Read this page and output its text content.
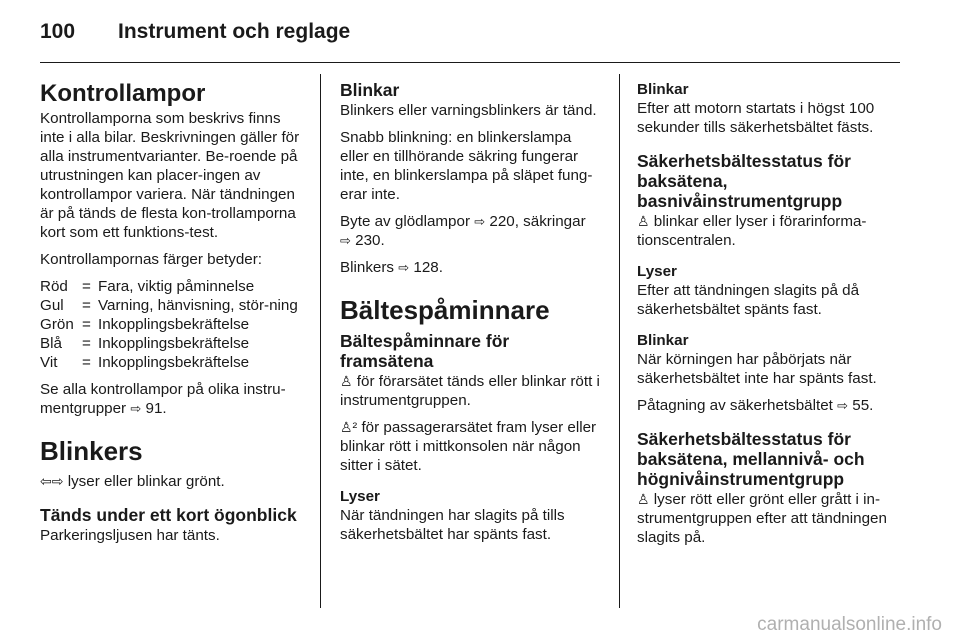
100 Instrument och reglage
Kontrollampor

Kontrollamporna som beskrivs finns inte i alla bilar. Beskrivningen gäller för alla instrumentvarianter. Be-roende på utrustningen kan placer-ingen av kontrollampor variera. När tändningen är på tänds de flesta kon-trollamporna kort som ett funktions-test.

Kontrollampornas färger betyder:

Röd = Fara, viktig påminnelse
Gul	= Varning, hänvisning, stör-ning
Grön = Inkopplingsbekräftelse
Blå	= Inkopplingsbekräftelse
Vit	= Inkopplingsbekräftelse

Se alla kontrollampor på olika instru-mentgrupper ⇨ 91.

Blinkers

⇦⇨ lyser eller blinkar grönt.

Tänds under ett kort ögonblick

Parkeringsljusen har tänts.

Blinkar

Blinkers eller varningsblinkers är tänd.

Snabb blinkning: en blinkerslampa eller en tillhörande säkring fungerar inte, en blinkerslampa på släpet fung-erar inte.

Byte av glödlampor ⇨ 220, säkringar
⇨ 230.

Blinkers ⇨ 128.

Bältespåminnare
Bältespåminnare för framsätena

♙ för förarsätet tänds eller blinkar rött i instrumentgruppen.

♙² för passagerarsätet fram lyser eller blinkar rött i mittkonsolen när någon sitter i sätet.

Lyser

När tändningen har slagits på tills säkerhetsbältet har spänts fast.

Blinkar

Efter att motorn startats i högst 100 sekunder tills säkerhetsbältet fästs.

Säkerhetsbältesstatus för baksätena, basnivåinstrumentgrupp

♙ blinkar eller lyser i förarinforma-tionscentralen.

Lyser

Efter att tändningen slagits på då säkerhetsbältet spänts fast.

Blinkar

När körningen har påbörjats när säkerhetsbältet inte har spänts fast.

Påtagning av säkerhetsbältet ⇨ 55.

Säkerhetsbältesstatus för baksätena, mellannivå- och högnivåinstrumentgrupp

♙ lyser rött eller grönt eller grått i in-strumentgruppen efter att tändningen slagits på.

carmanualsonline.info
